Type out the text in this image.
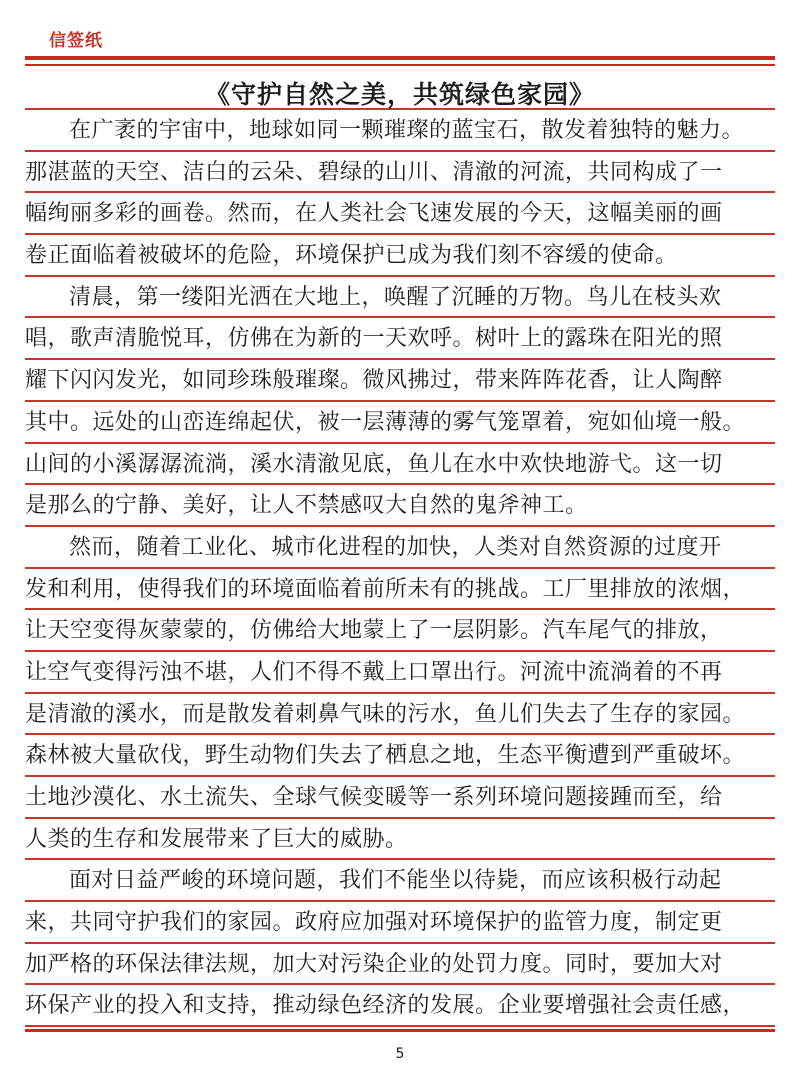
信签纸
《守护自然之美，共筑绿色家园》
在广袤的宇宙中，地球如同一颗璀璨的蓝宝石，散发着独特的魅力。
那湛蓝的天空、洁白的云朵、碧绿的山川、清澈的河流，共同构成了一
幅绚丽多彩的画卷。然而，在人类社会飞速发展的今天，这幅美丽的画
卷正面临着被破坏的危险，环境保护已成为我们刻不容缓的使命。
清晨，第一缕阳光洒在大地上，唤醒了沉睡的万物。鸟儿在枝头欢
唱，歌声清脆悦耳，仿佛在为新的一天欢呼。树叶上的露珠在阳光的照
耀下闪闪发光，如同珍珠般璀璨。微风拂过，带来阵阵花香，让人陶醉
其中。远处的山峦连绵起伏，被一层薄薄的雾气笼罩着，宛如仙境一般。
山间的小溪潺潺流淌，溪水清澈见底，鱼儿在水中欢快地游弋。这一切
是那么的宁静、美好，让人不禁感叹大自然的鬼斧神工。
然而，随着工业化、城市化进程的加快，人类对自然资源的过度开
发和利用，使得我们的环境面临着前所未有的挑战。工厂里排放的浓烟，
让天空变得灰蒙蒙的，仿佛给大地蒙上了一层阴影。汽车尾气的排放，
让空气变得污浊不堪，人们不得不戴上口罩出行。河流中流淌着的不再
是清澈的溪水，而是散发着刺鼻气味的污水，鱼儿们失去了生存的家园。
森林被大量砍伐，野生动物们失去了栖息之地，生态平衡遭到严重破坏。
土地沙漠化、水土流失、全球气候变暖等一系列环境问题接踵而至，给
人类的生存和发展带来了巨大的威胁。
面对日益严峻的环境问题，我们不能坐以待毙，而应该积极行动起
来，共同守护我们的家园。政府应加强对环境保护的监管力度，制定更
加严格的环保法律法规，加大对污染企业的处罚力度。同时，要加大对
环保产业的投入和支持，推动绿色经济的发展。企业要增强社会责任感，
5
